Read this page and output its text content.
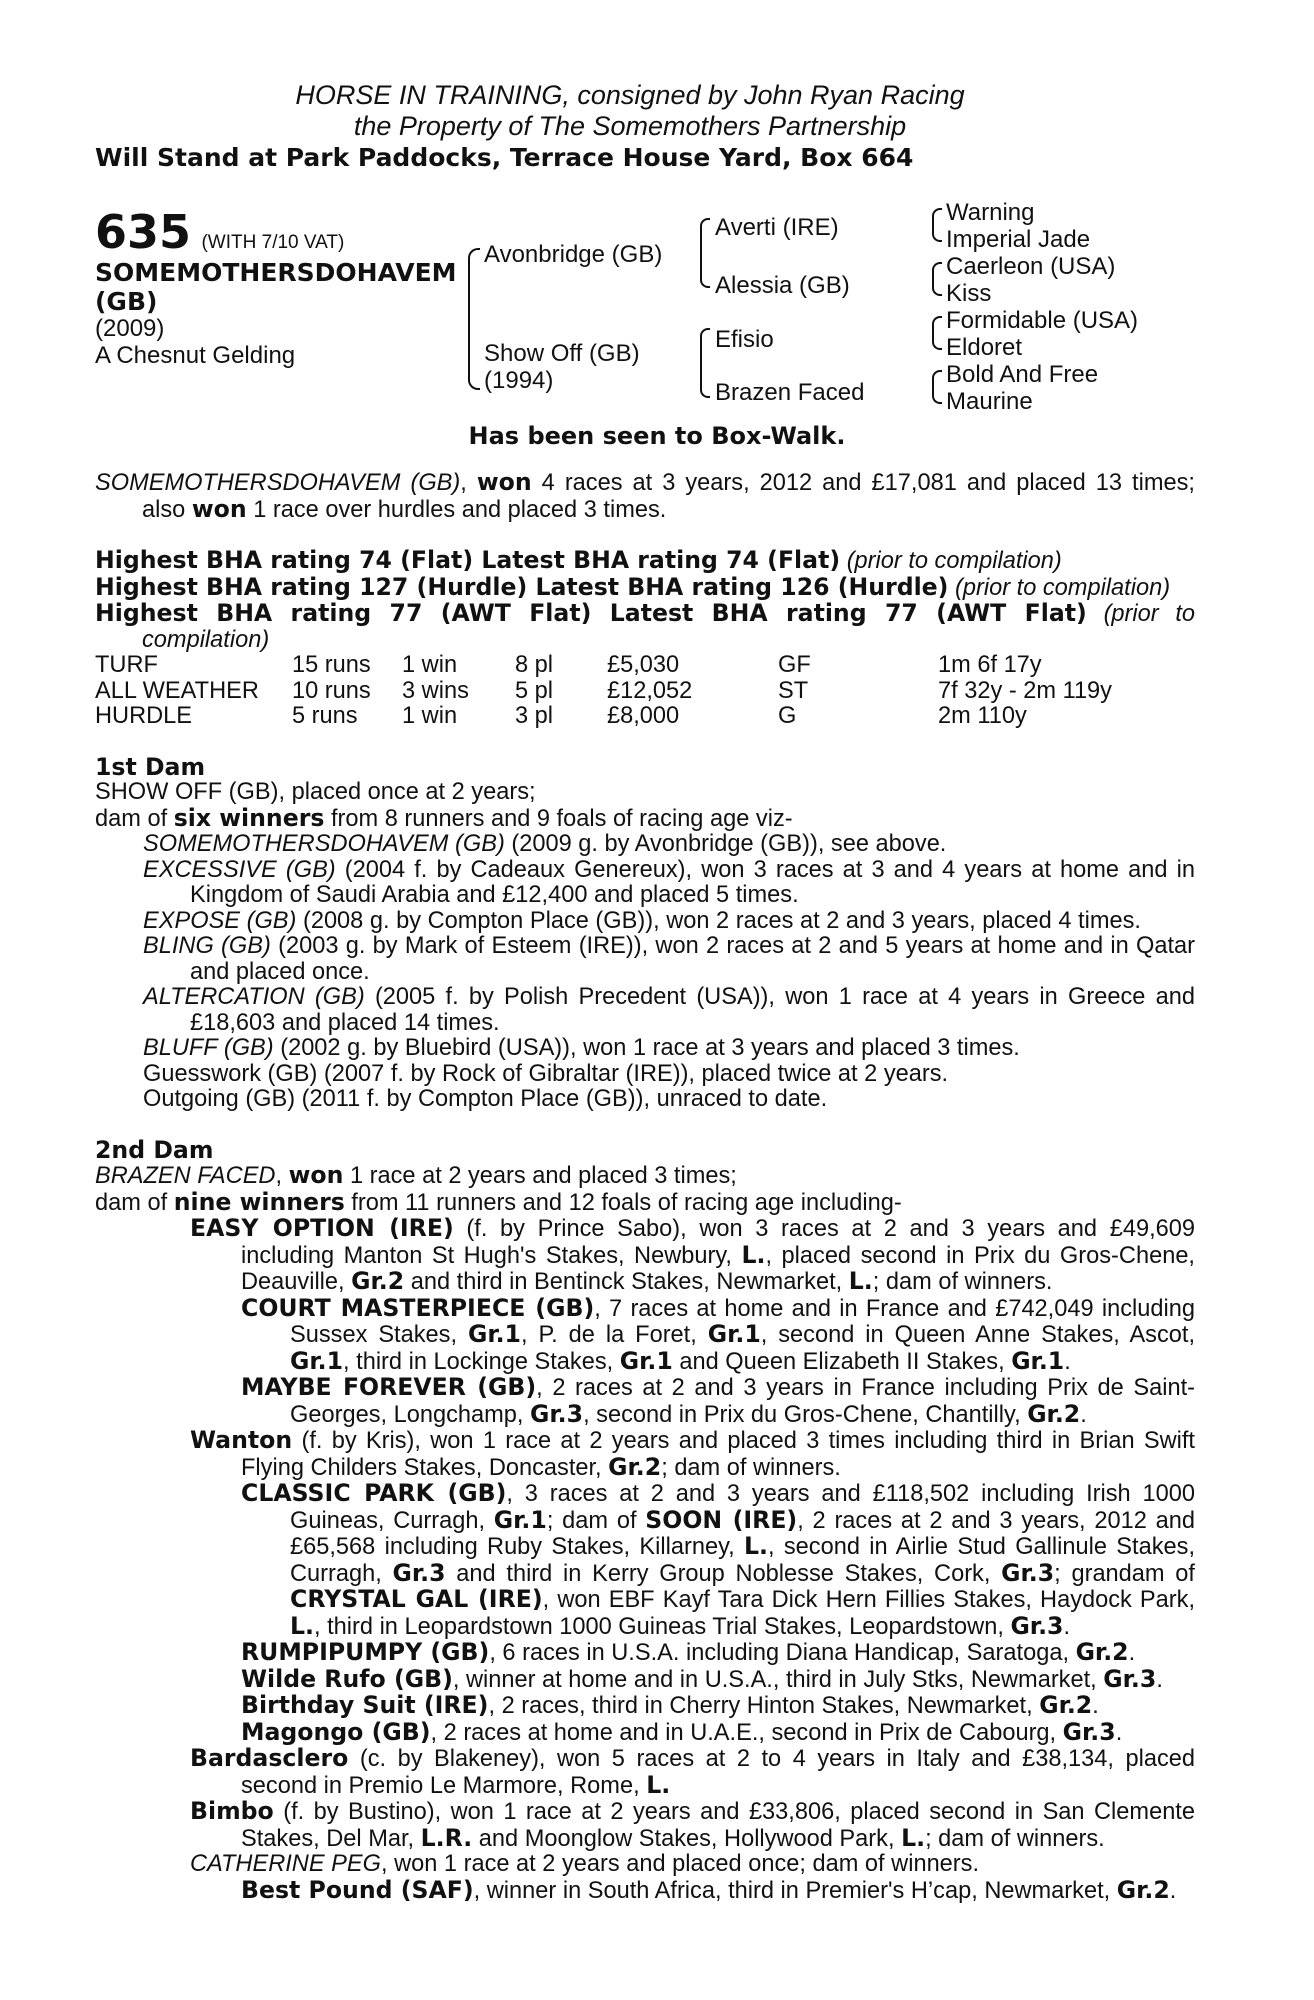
HORSE IN TRAINING, consigned by John Ryan Racing
the Property of The Somemothers Partnership
Will Stand at Park Paddocks, Terrace House Yard, Box 664
635 (WITH 7/10 VAT)
SOMEMOTHERSDOHAVEM
(GB)
(2009)
A Chesnut Gelding
Avonbridge (GB)
Show Off (GB)
(1994)
Averti (IRE)
Alessia (GB)
Efisio
Brazen Faced
Warning
Imperial Jade
Caerleon (USA)
Kiss
Formidable (USA)
Eldoret
Bold And Free
Maurine
Has been seen to Box-Walk.

SOMEMOTHERSDOHAVEM (GB), won 4 races at 3 years, 2012 and £17,081 and placed 13 times; also won 1 race over hurdles and placed 3 times.

Highest BHA rating 74 (Flat) Latest BHA rating 74 (Flat) (prior to compilation)

Highest BHA rating 127 (Hurdle) Latest BHA rating 126 (Hurdle) (prior to compilation)

Highest BHA rating 77 (AWT Flat) Latest BHA rating 77 (AWT Flat) (prior to compilation)

TURF	15 runs	1 win	8 pl	£5,030	GF	1m 6f 17y
ALL WEATHER	10 runs	3 wins	5 pl	£12,052	ST	7f 32y - 2m 119y
HURDLE	5 runs	1 win	3 pl	£8,000	G	2m 110y

1st Dam

SHOW OFF (GB), placed once at 2 years;

dam of six winners from 8 runners and 9 foals of racing age viz-

SOMEMOTHERSDOHAVEM (GB) (2009 g. by Avonbridge (GB)), see above.

EXCESSIVE (GB) (2004 f. by Cadeaux Genereux), won 3 races at 3 and 4 years at home and in Kingdom of Saudi Arabia and £12,400 and placed 5 times.

EXPOSE (GB) (2008 g. by Compton Place (GB)), won 2 races at 2 and 3 years, placed 4 times.

BLING (GB) (2003 g. by Mark of Esteem (IRE)), won 2 races at 2 and 5 years at home and in Qatar and placed once.

ALTERCATION (GB) (2005 f. by Polish Precedent (USA)), won 1 race at 4 years in Greece and £18,603 and placed 14 times.

BLUFF (GB) (2002 g. by Bluebird (USA)), won 1 race at 3 years and placed 3 times.

Guesswork (GB) (2007 f. by Rock of Gibraltar (IRE)), placed twice at 2 years.

Outgoing (GB) (2011 f. by Compton Place (GB)), unraced to date.

2nd Dam

BRAZEN FACED, won 1 race at 2 years and placed 3 times;

dam of nine winners from 11 runners and 12 foals of racing age including-

EASY OPTION (IRE) (f. by Prince Sabo), won 3 races at 2 and 3 years and £49,609 including Manton St Hugh's Stakes, Newbury, L., placed second in Prix du Gros-Chene, Deauville, Gr.2 and third in Bentinck Stakes, Newmarket, L.; dam of winners.

COURT MASTERPIECE (GB), 7 races at home and in France and £742,049 including Sussex Stakes, Gr.1, P. de la Foret, Gr.1, second in Queen Anne Stakes, Ascot, Gr.1, third in Lockinge Stakes, Gr.1 and Queen Elizabeth II Stakes, Gr.1.

MAYBE FOREVER (GB), 2 races at 2 and 3 years in France including Prix de Saint-Georges, Longchamp, Gr.3, second in Prix du Gros-Chene, Chantilly, Gr.2.

Wanton (f. by Kris), won 1 race at 2 years and placed 3 times including third in Brian Swift Flying Childers Stakes, Doncaster, Gr.2; dam of winners.

CLASSIC PARK (GB), 3 races at 2 and 3 years and £118,502 including Irish 1000 Guineas, Curragh, Gr.1; dam of SOON (IRE), 2 races at 2 and 3 years, 2012 and £65,568 including Ruby Stakes, Killarney, L., second in Airlie Stud Gallinule Stakes, Curragh, Gr.3 and third in Kerry Group Noblesse Stakes, Cork, Gr.3; grandam of CRYSTAL GAL (IRE), won EBF Kayf Tara Dick Hern Fillies Stakes, Haydock Park, L., third in Leopardstown 1000 Guineas Trial Stakes, Leopardstown, Gr.3.

RUMPIPUMPY (GB), 6 races in U.S.A. including Diana Handicap, Saratoga, Gr.2.

Wilde Rufo (GB), winner at home and in U.S.A., third in July Stks, Newmarket, Gr.3.

Birthday Suit (IRE), 2 races, third in Cherry Hinton Stakes, Newmarket, Gr.2.

Magongo (GB), 2 races at home and in U.A.E., second in Prix de Cabourg, Gr.3.

Bardasclero (c. by Blakeney), won 5 races at 2 to 4 years in Italy and £38,134, placed second in Premio Le Marmore, Rome, L.

Bimbo (f. by Bustino), won 1 race at 2 years and £33,806, placed second in San Clemente Stakes, Del Mar, L.R. and Moonglow Stakes, Hollywood Park, L.; dam of winners.

CATHERINE PEG, won 1 race at 2 years and placed once; dam of winners.

Best Pound (SAF), winner in South Africa, third in Premier's H’cap, Newmarket, Gr.2.
